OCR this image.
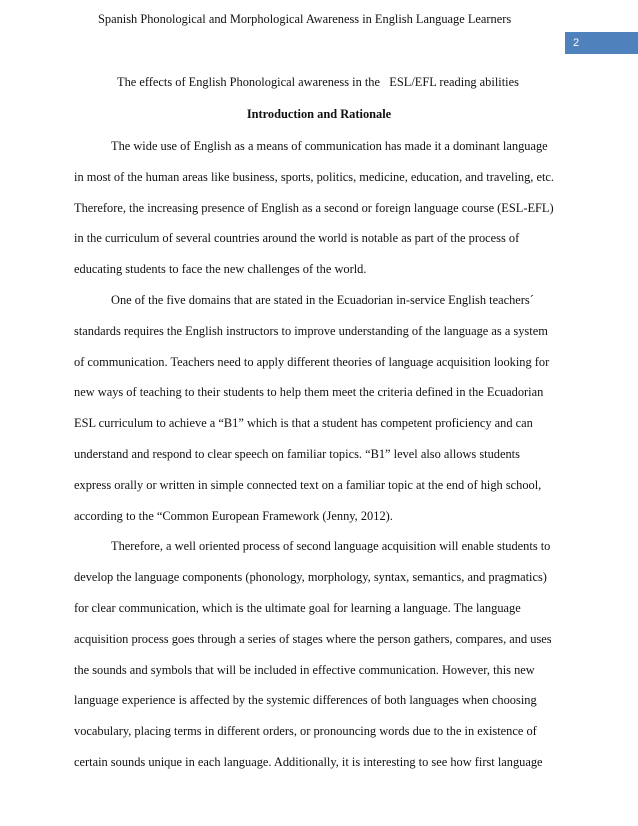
Spanish Phonological and Morphological Awareness in English Language Learners
2
The effects of English Phonological awareness in the   ESL/EFL reading abilities
Introduction and Rationale
The wide use of English as a means of communication has made it a dominant language
in most of the human areas like business, sports, politics, medicine, education, and traveling, etc.
Therefore, the increasing presence of English as a second or foreign language course (ESL-EFL)
in the curriculum of several countries around the world is notable as part of the process of
educating students to face the new challenges of the world.
One of the five domains that are stated in the Ecuadorian in-service English teachers´
standards requires the English instructors to improve understanding of the language as a system
of communication. Teachers need to apply different theories of language acquisition looking for
new ways of teaching to their students to help them meet the criteria defined in the Ecuadorian
ESL curriculum to achieve a “B1” which is that a student has competent proficiency and can
understand and respond to clear speech on familiar topics. “B1” level also allows students
express orally or written in simple connected text on a familiar topic at the end of high school,
according to the “Common European Framework (Jenny, 2012).
Therefore, a well oriented process of second language acquisition will enable students to
develop the language components (phonology, morphology, syntax, semantics, and pragmatics)
for clear communication, which is the ultimate goal for learning a language. The language
acquisition process goes through a series of stages where the person gathers, compares, and uses
the sounds and symbols that will be included in effective communication. However, this new
language experience is affected by the systemic differences of both languages when choosing
vocabulary, placing terms in different orders, or pronouncing words due to the in existence of
certain sounds unique in each language. Additionally, it is interesting to see how first language
